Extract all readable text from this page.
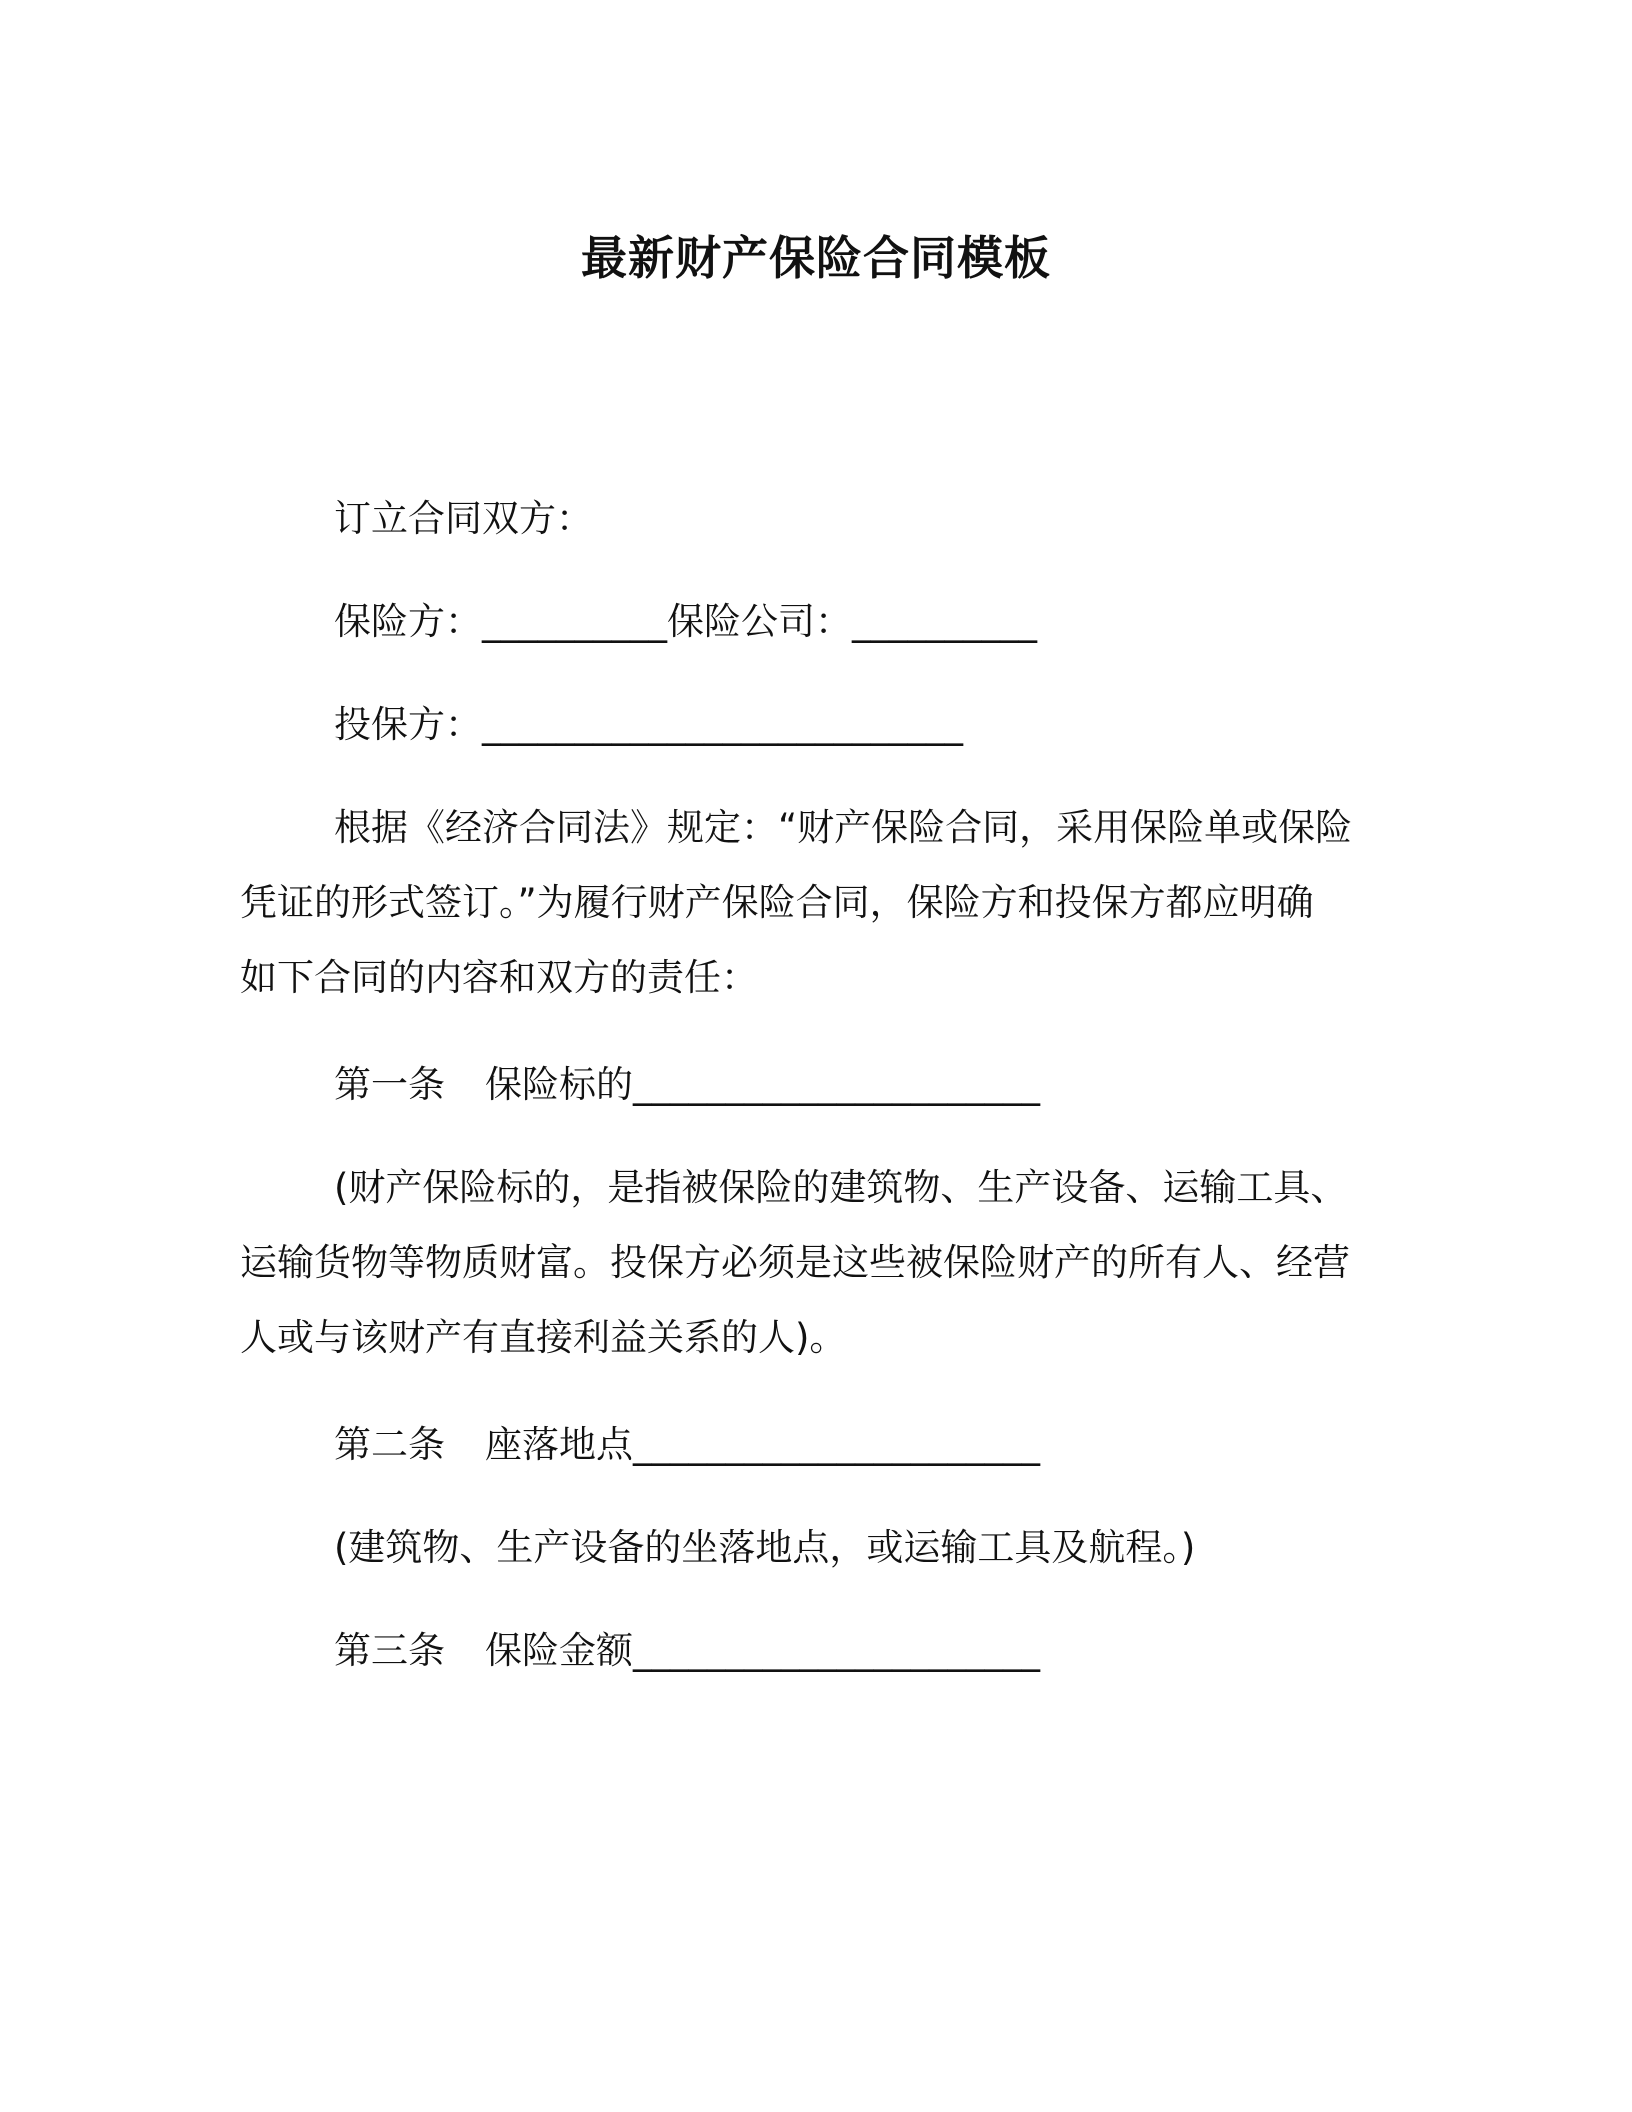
最新财产保险合同模板
订立合同双方：
保险方：__________保险公司：__________
投保方：__________________________
根据《经济合同法》规定：“财产保险合同，采用保险单或保险
凭证的形式签订。”为履行财产保险合同，保险方和投保方都应明确
如下合同的内容和双方的责任：
第一条 保险标的______________________
(财产保险标的，是指被保险的建筑物、生产设备、运输工具、
运输货物等物质财富。投保方必须是这些被保险财产的所有人、经营
人或与该财产有直接利益关系的人)。
第二条 座落地点______________________
(建筑物、生产设备的坐落地点，或运输工具及航程。)
第三条 保险金额______________________
